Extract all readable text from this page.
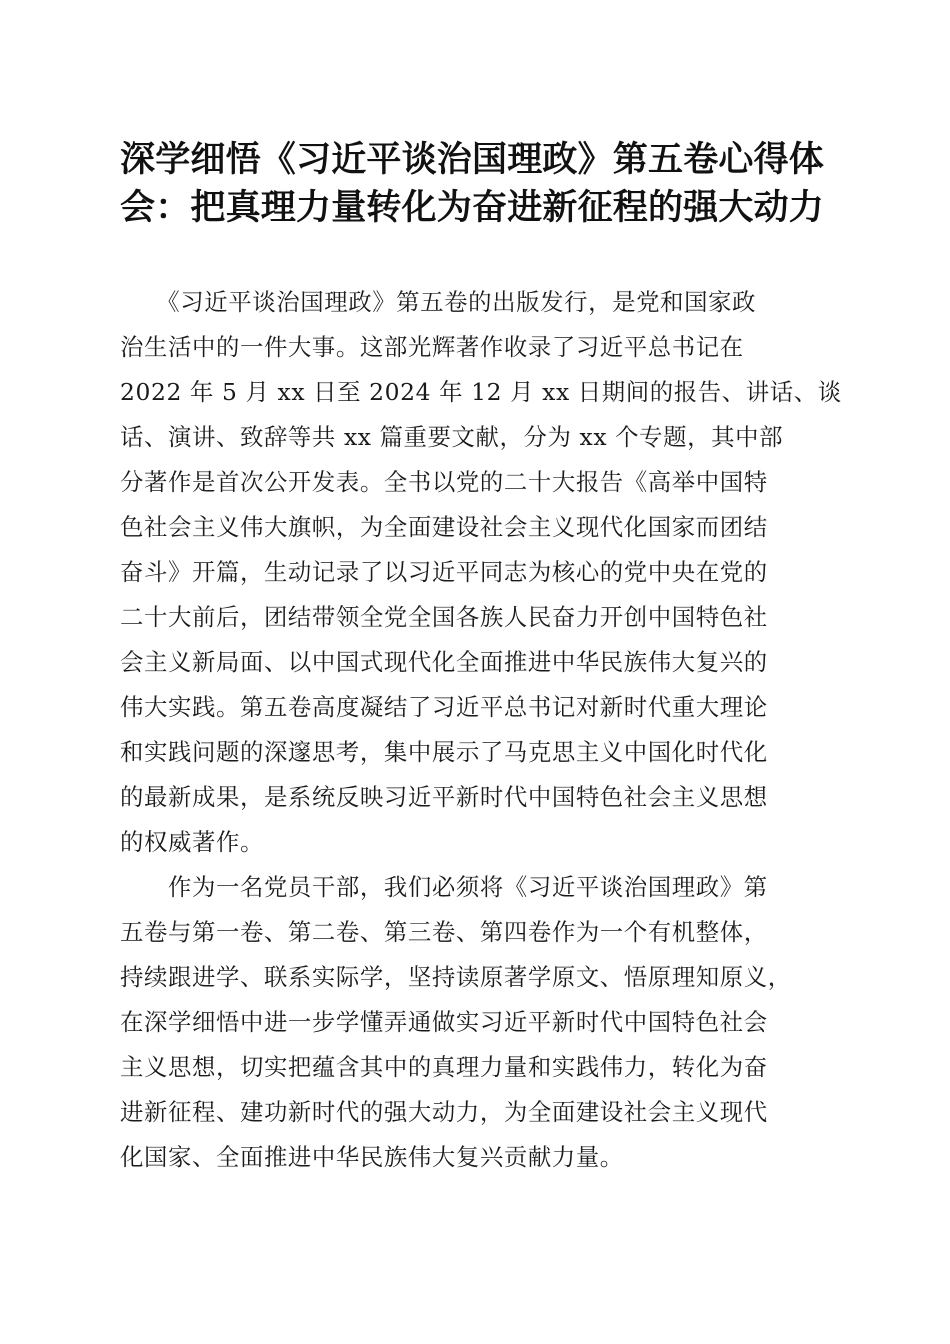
深学细悟《习近平谈治国理政》第五卷心得体
会：把真理力量转化为奋进新征程的强大动力
　　《习近平谈治国理政》第五卷的出版发行，是党和国家政
治生活中的一件大事。这部光辉著作收录了习近平总书记在
2022 年 5 月 xx 日至 2024 年 12 月 xx 日期间的报告、讲话、谈
话、演讲、致辞等共 xx 篇重要文献，分为 xx 个专题，其中部
分著作是首次公开发表。全书以党的二十大报告《高举中国特
色社会主义伟大旗帜，为全面建设社会主义现代化国家而团结
奋斗》开篇，生动记录了以习近平同志为核心的党中央在党的
二十大前后，团结带领全党全国各族人民奋力开创中国特色社
会主义新局面、以中国式现代化全面推进中华民族伟大复兴的
伟大实践。第五卷高度凝结了习近平总书记对新时代重大理论
和实践问题的深邃思考，集中展示了马克思主义中国化时代化
的最新成果，是系统反映习近平新时代中国特色社会主义思想
的权威著作。
　　作为一名党员干部，我们必须将《习近平谈治国理政》第
五卷与第一卷、第二卷、第三卷、第四卷作为一个有机整体，
持续跟进学、联系实际学，坚持读原著学原文、悟原理知原义，
在深学细悟中进一步学懂弄通做实习近平新时代中国特色社会
主义思想，切实把蕴含其中的真理力量和实践伟力，转化为奋
进新征程、建功新时代的强大动力，为全面建设社会主义现代
化国家、全面推进中华民族伟大复兴贡献力量。
